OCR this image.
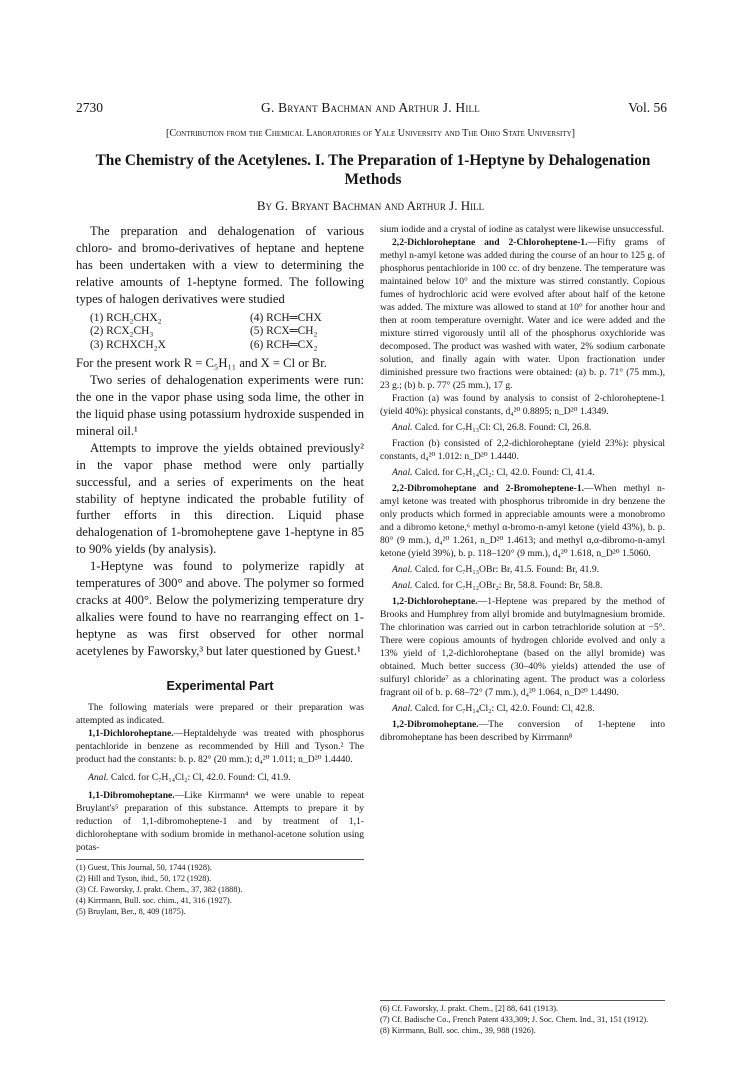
2730	G. Bryant Bachman and Arthur J. Hill	Vol. 56
[Contribution from the Chemical Laboratories of Yale University and The Ohio State University]
The Chemistry of the Acetylenes. I. The Preparation of 1-Heptyne by Dehalogenation Methods
By G. Bryant Bachman and Arthur J. Hill

The preparation and dehalogenation of various chloro- and bromo-derivatives of heptane and heptene has been undertaken with a view to determining the relative amounts of 1-heptyne formed. The following types of halogen derivatives were studied

(1) RCH₂CHX₂	(4) RCH═CHX
(2) RCX₂CH₃	(5) RCX═CH₂
(3) RCHXCH₂X	(6) RCH═CX₂

For the present work R = C₅H₁₁ and X = Cl or Br.

Two series of dehalogenation experiments were run: the one in the vapor phase using soda lime, the other in the liquid phase using potassium hydroxide suspended in mineral oil.¹

Attempts to improve the yields obtained previously² in the vapor phase method were only partially successful, and a series of experiments on the heat stability of heptyne indicated the probable futility of further efforts in this direction. Liquid phase dehalogenation of 1-bromoheptene gave 1-heptyne in 85 to 90% yields (by analysis).

1-Heptyne was found to polymerize rapidly at temperatures of 300° and above. The polymer so formed cracks at 400°. Below the polymerizing temperature dry alkalies were found to have no rearranging effect on 1-heptyne as was first observed for other normal acetylenes by Faworsky,³ but later questioned by Guest.¹

Experimental Part

The following materials were prepared or their preparation was attempted as indicated.

1,1-Dichloroheptane.—Heptaldehyde was treated with phosphorus pentachloride in benzene as recommended by Hill and Tyson.² The product had the constants: b. p. 82° (20 mm.); d₄²⁰ 1.011; n_D²⁰ 1.4440.

Anal. Calcd. for C₇H₁₄Cl₂: Cl, 42.0. Found: Cl, 41.9.

1,1-Dibromoheptane.—Like Kirrmann⁴ we were unable to repeat Bruylant's⁵ preparation of this substance. Attempts to prepare it by reduction of 1,1-dibromoheptene-1 and by treatment of 1,1-dichloroheptane with sodium bromide in methanol-acetone solution using potas-

(1) Guest, This Journal, 50, 1744 (1928).

(2) Hill and Tyson, ibid., 50, 172 (1928).

(3) Cf. Faworsky, J. prakt. Chem., 37, 382 (1888).

(4) Kirrmann, Bull. soc. chim., 41, 316 (1927).

(5) Bruylant, Ber., 8, 409 (1875).

sium iodide and a crystal of iodine as catalyst were likewise unsuccessful.

2,2-Dichloroheptane and 2-Chloroheptene-1.—Fifty grams of methyl n-amyl ketone was added during the course of an hour to 125 g. of phosphorus pentachloride in 100 cc. of dry benzene. The temperature was maintained below 10° and the mixture was stirred constantly. Copious fumes of hydrochloric acid were evolved after about half of the ketone was added. The mixture was allowed to stand at 10° for another hour and then at room temperature overnight. Water and ice were added and the mixture stirred vigorously until all of the phosphorus oxychloride was decomposed. The product was washed with water, 2% sodium carbonate solution, and finally again with water. Upon fractionation under diminished pressure two fractions were obtained: (a) b. p. 71° (75 mm.), 23 g.; (b) b. p. 77° (25 mm.), 17 g.

Fraction (a) was found by analysis to consist of 2-chloroheptene-1 (yield 40%): physical constants, d₄²⁰ 0.8895; n_D²⁰ 1.4349.

Anal. Calcd. for C₇H₁₃Cl: Cl, 26.8. Found: Cl, 26.8.

Fraction (b) consisted of 2,2-dichloroheptane (yield 23%): physical constants, d₄²⁰ 1.012: n_D²⁰ 1.4440.

Anal. Calcd. for C₇H₁₄Cl₂: Cl, 42.0. Found: Cl, 41.4.

2,2-Dibromoheptane and 2-Bromoheptene-1.—When methyl n-amyl ketone was treated with phosphorus tribromide in dry benzene the only products which formed in appreciable amounts were a monobromo and a dibromo ketone,⁶ methyl α-bromo-n-amyl ketone (yield 43%), b. p. 80° (9 mm.), d₄²⁰ 1.261, n_D²⁰ 1.4613; and methyl α,α-dibromo-n-amyl ketone (yield 39%), b. p. 118–120° (9 mm.), d₄²⁰ 1.618, n_D²⁰ 1.5060.

Anal. Calcd. for C₇H₁₃OBr: Br, 41.5. Found: Br, 41.9.

Anal. Calcd. for C₇H₁₂OBr₂: Br, 58.8. Found: Br, 58.8.

1,2-Dichloroheptane.—1-Heptene was prepared by the method of Brooks and Humphrey from allyl bromide and butylmagnesium bromide. The chlorination was carried out in carbon tetrachloride solution at −5°. There were copious amounts of hydrogen chloride evolved and only a 13% yield of 1,2-dichloroheptane (based on the allyl bromide) was obtained. Much better success (30–40% yields) attended the use of sulfuryl chloride⁷ as a chlorinating agent. The product was a colorless fragrant oil of b. p. 68–72° (7 mm.), d₄²⁰ 1.064, n_D²⁰ 1.4490.

Anal. Calcd. for C₇H₁₄Cl₂: Cl, 42.0. Found: Cl, 42.8.

1,2-Dibromoheptane.—The conversion of 1-heptene into dibromoheptane has been described by Kirrmann⁸

(6) Cf. Faworsky, J. prakt. Chem., [2] 88, 641 (1913).

(7) Cf. Badische Co., French Patent 433,309; J. Soc. Chem. Ind., 31, 151 (1912).

(8) Kirrmann, Bull. soc. chim., 39, 988 (1926).
